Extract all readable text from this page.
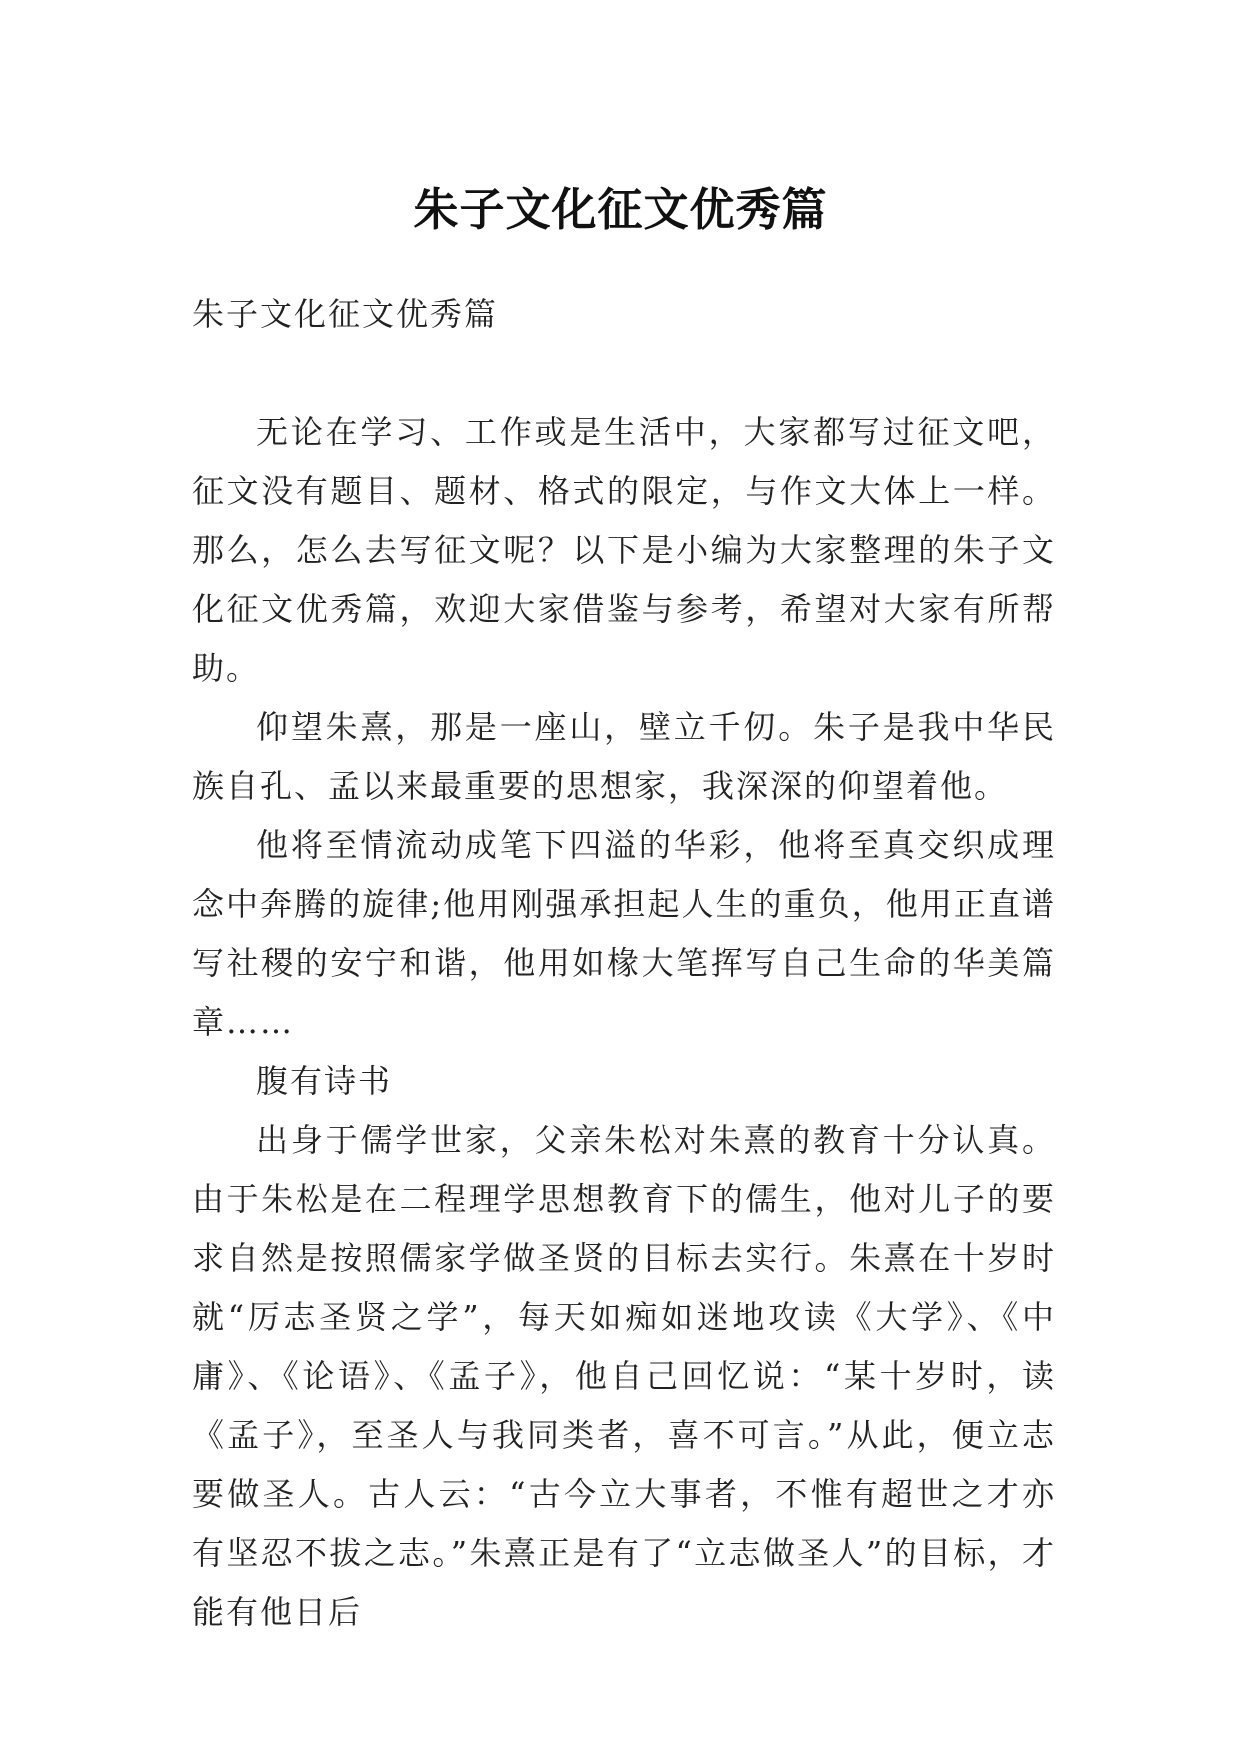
朱子文化征文优秀篇

朱子文化征文优秀篇

无论在学习、工作或是生活中，大家都写过征文吧，征文没有题目、题材、格式的限定，与作文大体上一样。那么，怎么去写征文呢？以下是小编为大家整理的朱子文化征文优秀篇，欢迎大家借鉴与参考，希望对大家有所帮助。

仰望朱熹，那是一座山，壁立千仞。朱子是我中华民族自孔、孟以来最重要的思想家，我深深的仰望着他。

他将至情流动成笔下四溢的华彩，他将至真交织成理念中奔腾的旋律;他用刚强承担起人生的重负，他用正直谱写社稷的安宁和谐，他用如椽大笔挥写自己生命的华美篇章……

腹有诗书

出身于儒学世家，父亲朱松对朱熹的教育十分认真。由于朱松是在二程理学思想教育下的儒生，他对儿子的要求自然是按照儒家学做圣贤的目标去实行。朱熹在十岁时就“厉志圣贤之学”，每天如痴如迷地攻读《大学》、《中庸》、《论语》、《孟子》，他自己回忆说：“某十岁时，读《孟子》，至圣人与我同类者，喜不可言。”从此，便立志要做圣人。古人云：“古今立大事者，不惟有超世之才亦有坚忍不拔之志。”朱熹正是有了“立志做圣人”的目标，才能有他日后
